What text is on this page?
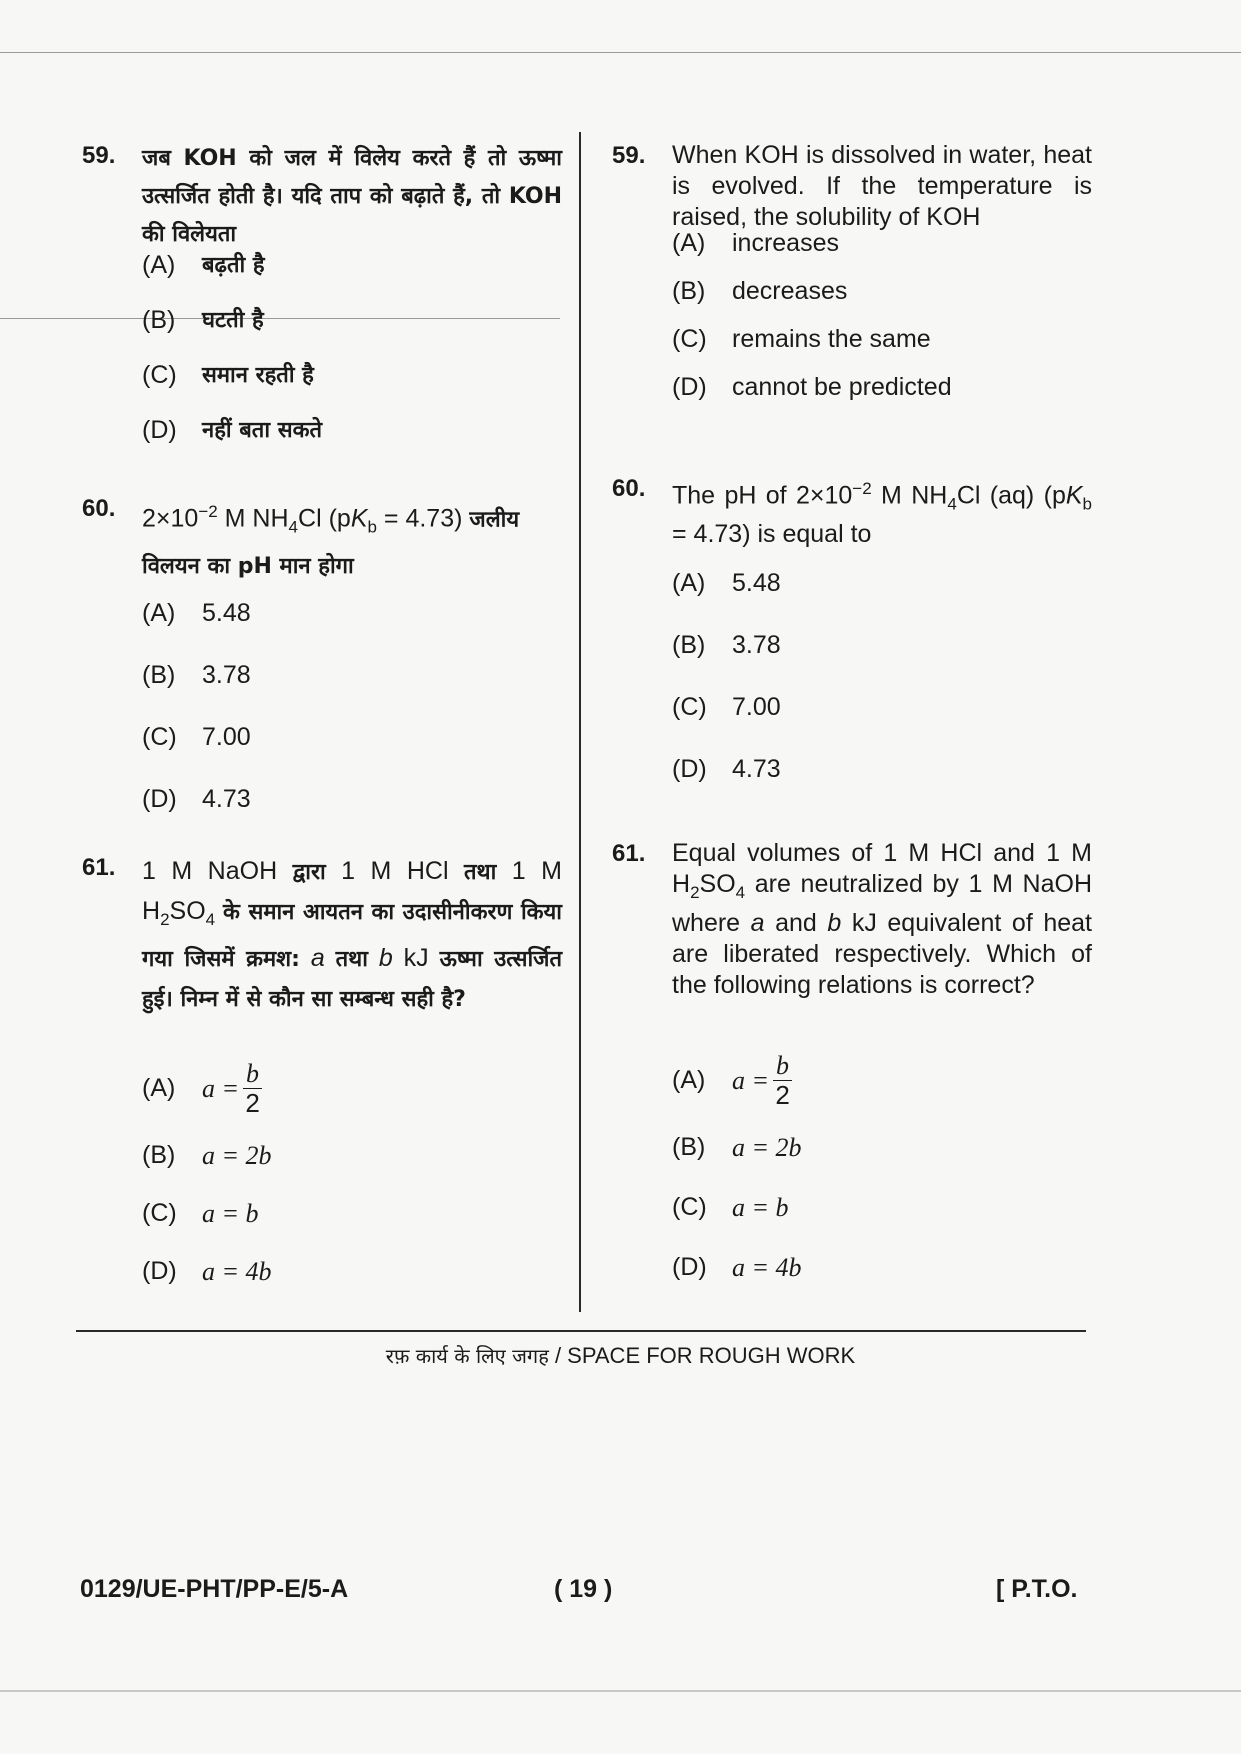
59.	जब KOH को जल में विलेय करते हैं तो ऊष्मा उत्सर्जित होती है। यदि ताप को बढ़ाते हैं, तो KOH की विलेयता
(A)	बढ़ती है
(B)	घटती है
(C)	समान रहती है
(D)	नहीं बता सकते
60.	$2\times 10^{-2}$ M $NH_4Cl$ $(pK_b = 4.73)$ जलीय
विलयन का pH मान होगा
(A)	5.48
(B)	3.78
(C)	7.00
(D)	4.73
61.	1 M NaOH द्वारा 1 M HCl तथा 1 M $H_2SO_4$ के समान आयतन का उदासीनीकरण किया गया जिसमें क्रमश: a तथा b kJ ऊष्मा उत्सर्जित हुई। निम्न में से कौन सा सम्बन्ध सही है?
(A)	$a = \frac{b}{2}$
(B)	a = 2b
(C) a = b
(D) a = 4b
59.	When KOH is dissolved in water, heat is evolved. If the temperature is raised, the solubility of KOH
(A)	increases
(B)	decreases
(C)	remains the same
(D)	cannot be predicted
60.	The pH of $2\times 10^{-2}$ M $NH_4Cl$ (aq) $(pK_b = 4.73)$ is equal to
(A)	5.48
(B)	3.78
(C)	7.00
(D)	4.73
61.	Equal volumes of 1 M HCl and 1 M $H_2SO_4$ are neutralized by 1 M NaOH where a and b kJ equivalent of heat are liberated respectively. Which of the following relations is correct?
(A)	$a = \frac{b}{2}$
(B)	a = 2b
(C) a = b
(D) a = 4b
रफ़ कार्य के लिए जगह / SPACE FOR ROUGH WORK
0129/UE-PHT/PP-E/5-A	( 19 )	[ P.T.O.
